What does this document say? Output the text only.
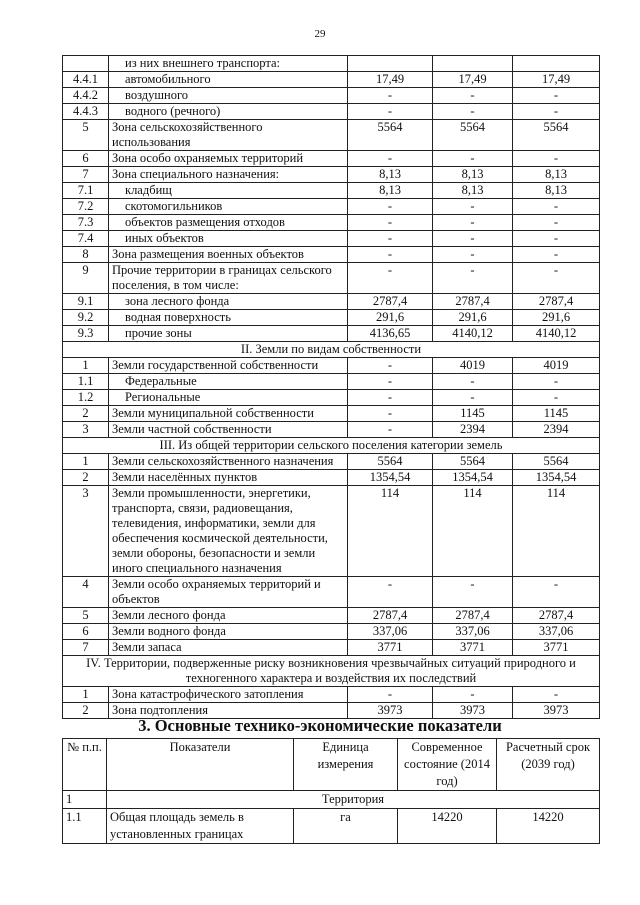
29
	из них внешнего транспорта:			
4.4.1	автомобильного	17,49	17,49	17,49
4.4.2	воздушного	-	-	-
4.4.3	водного (речного)	-	-	-
5	Зона сельскохозяйственного использования	5564	5564	5564
6	Зона особо охраняемых территорий	-	-	-
7	Зона специального назначения:	8,13	8,13	8,13
7.1	кладбищ	8,13	8,13	8,13
7.2	скотомогильников	-	-	-
7.3	объектов размещения отходов	-	-	-
7.4	иных объектов	-	-	-
8	Зона размещения военных объектов	-	-	-
9	Прочие территории в границах сельского поселения, в том числе:	-	-	-
9.1	зона лесного фонда	2787,4	2787,4	2787,4
9.2	водная поверхность	291,6	291,6	291,6
9.3	прочие зоны	4136,65	4140,12	4140,12
II. Земли по видам собственности				
1	Земли государственной собственности	-	4019	4019
1.1	Федеральные	-	-	-
1.2	Региональные	-	-	-
2	Земли муниципальной собственности	-	1145	1145
3	Земли частной собственности	-	2394	2394
III. Из общей территории сельского поселения категории земель				
1	Земли сельскохозяйственного назначения	5564	5564	5564
2	Земли населённых пунктов	1354,54	1354,54	1354,54
3	Земли промышленности, энергетики, транспорта, связи, радиовещания, телевидения, информатики, земли для обеспечения космической деятельности, земли обороны, безопасности и земли иного специального назначения	114	114	114
4	Земли особо охраняемых территорий и объектов	-	-	-
5	Земли лесного фонда	2787,4	2787,4	2787,4
6	Земли водного фонда	337,06	337,06	337,06
7	Земли запаса	3771	3771	3771
IV. Территории, подверженные риску возникновения чрезвычайных ситуаций природного и техногенного характера и воздействия их последствий				
1	Зона катастрофического затопления	-	-	-
2	Зона подтопления	3973	3973	3973
3. Основные технико-экономические показатели
№ п.п.	Показатели	Единица измерения	Современное состояние (2014 год)	Расчетный срок (2039 год)
1	Территория			
1.1	Общая площадь земель в установленных границах	га	14220	14220
